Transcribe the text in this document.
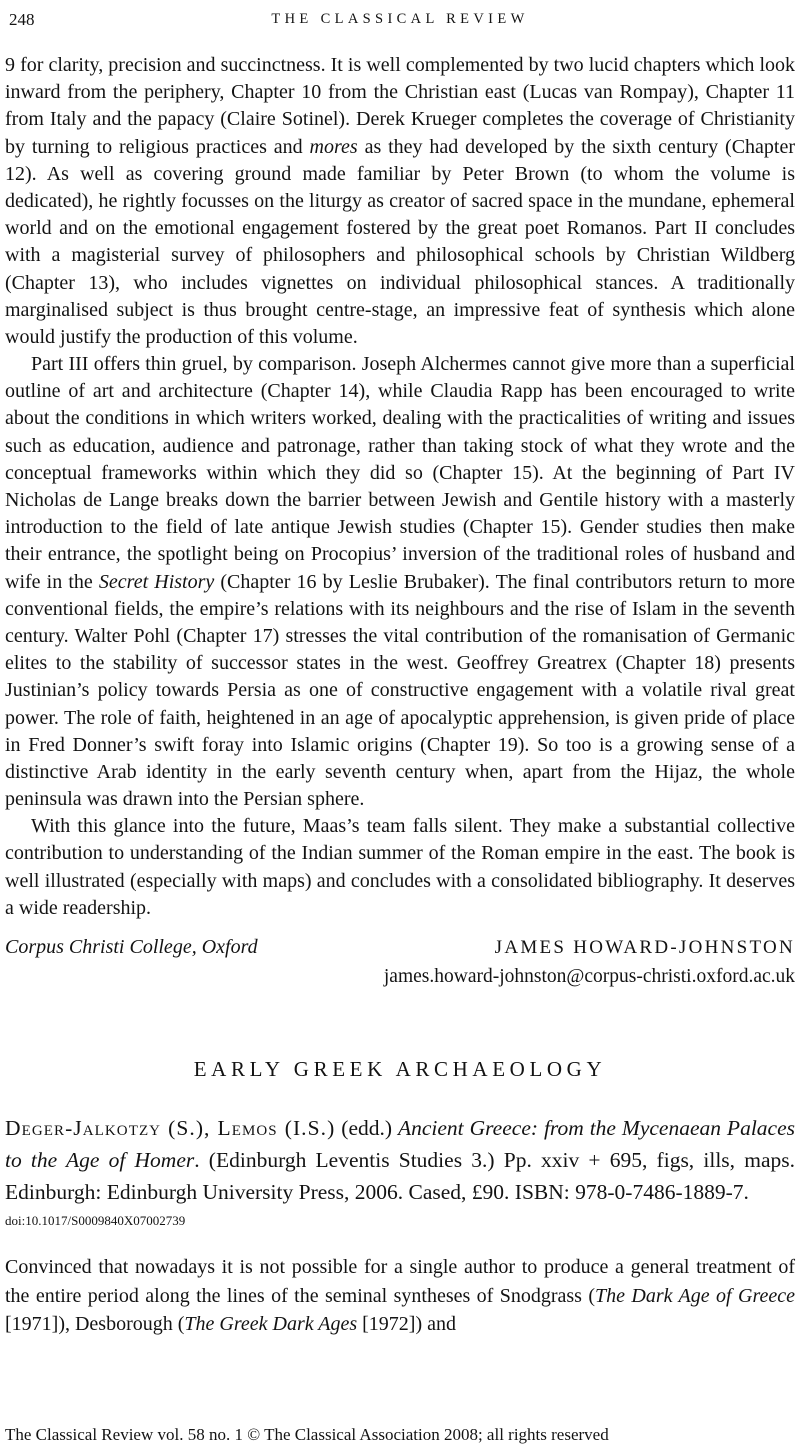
248	THE CLASSICAL REVIEW

9 for clarity, precision and succinctness. It is well complemented by two lucid chapters which look inward from the periphery, Chapter 10 from the Christian east (Lucas van Rompay), Chapter 11 from Italy and the papacy (Claire Sotinel). Derek Krueger completes the coverage of Christianity by turning to religious practices and mores as they had developed by the sixth century (Chapter 12). As well as covering ground made familiar by Peter Brown (to whom the volume is dedicated), he rightly focusses on the liturgy as creator of sacred space in the mundane, ephemeral world and on the emotional engagement fostered by the great poet Romanos. Part II concludes with a magisterial survey of philosophers and philosophical schools by Christian Wildberg (Chapter 13), who includes vignettes on individual philosophical stances. A traditionally marginalised subject is thus brought centre-stage, an impressive feat of synthesis which alone would justify the production of this volume.

Part III offers thin gruel, by comparison. Joseph Alchermes cannot give more than a superficial outline of art and architecture (Chapter 14), while Claudia Rapp has been encouraged to write about the conditions in which writers worked, dealing with the practicalities of writing and issues such as education, audience and patronage, rather than taking stock of what they wrote and the conceptual frameworks within which they did so (Chapter 15). At the beginning of Part IV Nicholas de Lange breaks down the barrier between Jewish and Gentile history with a masterly introduction to the field of late antique Jewish studies (Chapter 15). Gender studies then make their entrance, the spotlight being on Procopius’ inversion of the traditional roles of husband and wife in the Secret History (Chapter 16 by Leslie Brubaker). The final contributors return to more conventional fields, the empire’s relations with its neighbours and the rise of Islam in the seventh century. Walter Pohl (Chapter 17) stresses the vital contribution of the romanisation of Germanic elites to the stability of successor states in the west. Geoffrey Greatrex (Chapter 18) presents Justinian’s policy towards Persia as one of constructive engagement with a volatile rival great power. The role of faith, heightened in an age of apocalyptic apprehension, is given pride of place in Fred Donner’s swift foray into Islamic origins (Chapter 19). So too is a growing sense of a distinctive Arab identity in the early seventh century when, apart from the Hijaz, the whole peninsula was drawn into the Persian sphere.

With this glance into the future, Maas’s team falls silent. They make a substantial collective contribution to understanding of the Indian summer of the Roman empire in the east. The book is well illustrated (especially with maps) and concludes with a consolidated bibliography. It deserves a wide readership.

Corpus Christi College, Oxford	JAMES HOWARD-JOHNSTON
james.howard-johnston@corpus-christi.oxford.ac.uk
EARLY GREEK ARCHAEOLOGY

Deger-Jalkotzy (S.), Lemos (I.S.) (edd.) Ancient Greece: from the Mycenaean Palaces to the Age of Homer. (Edinburgh Leventis Studies 3.) Pp. xxiv + 695, figs, ills, maps. Edinburgh: Edinburgh University Press, 2006. Cased, £90. ISBN: 978-0-7486-1889-7.

doi:10.1017/S0009840X07002739

Convinced that nowadays it is not possible for a single author to produce a general treatment of the entire period along the lines of the seminal syntheses of Snodgrass (The Dark Age of Greece [1971]), Desborough (The Greek Dark Ages [1972]) and

The Classical Review vol. 58 no. 1 © The Classical Association 2008; all rights reserved
